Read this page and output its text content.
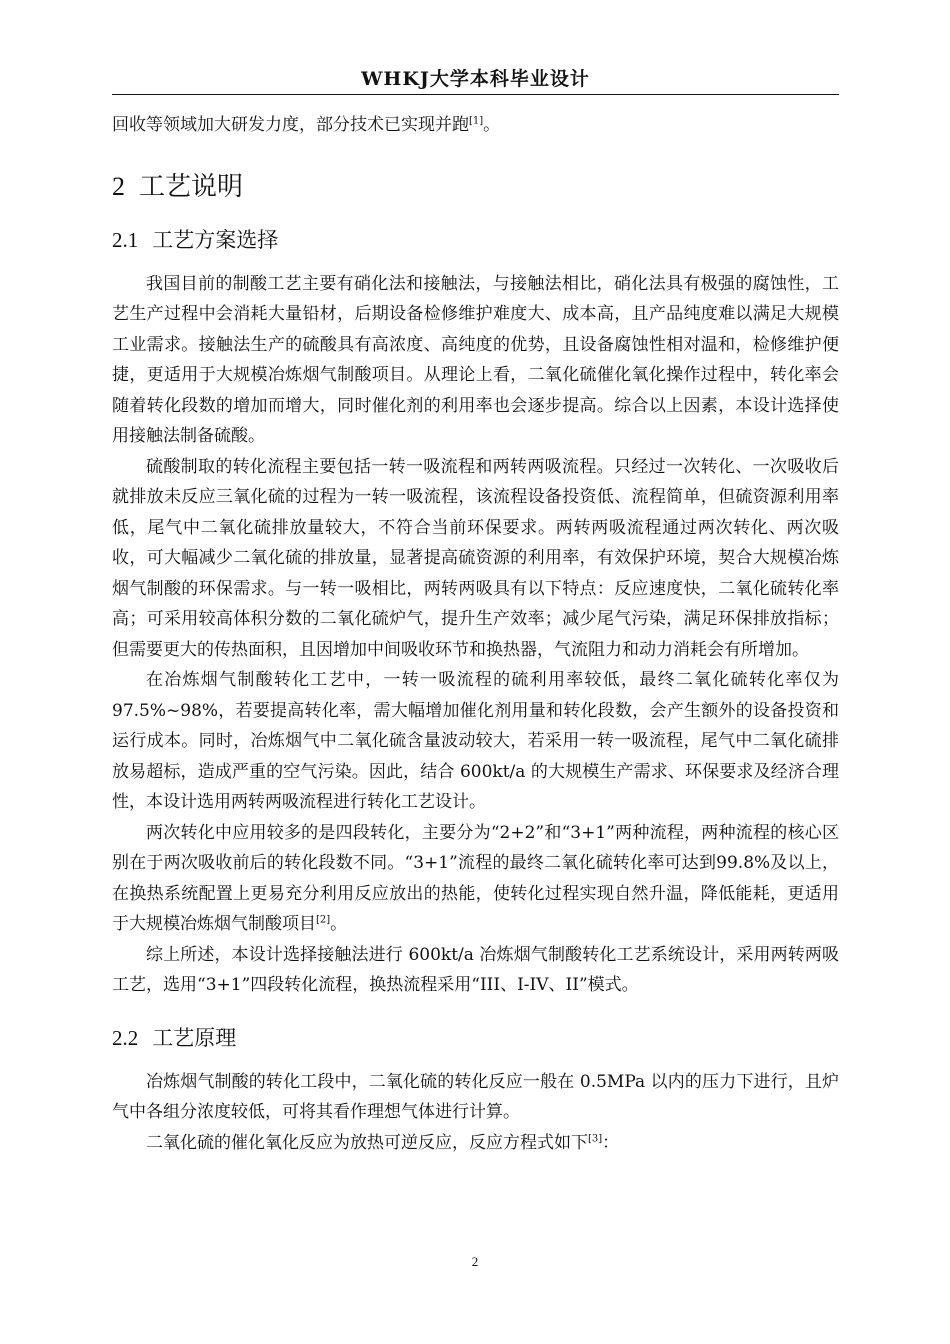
WHKJ大学本科毕业设计

回收等领域加大研发力度，部分技术已实现并跑[1]。

2 工艺说明
2.1 工艺方案选择

我国目前的制酸工艺主要有硝化法和接触法，与接触法相比，硝化法具有极强的腐蚀性，工艺生产过程中会消耗大量铅材，后期设备检修维护难度大、成本高，且产品纯度难以满足大规模工业需求。接触法生产的硫酸具有高浓度、高纯度的优势，且设备腐蚀性相对温和，检修维护便捷，更适用于大规模冶炼烟气制酸项目。从理论上看，二氧化硫催化氧化操作过程中，转化率会随着转化段数的增加而增大，同时催化剂的利用率也会逐步提高。综合以上因素，本设计选择使用接触法制备硫酸。

硫酸制取的转化流程主要包括一转一吸流程和两转两吸流程。只经过一次转化、一次吸收后就排放未反应三氧化硫的过程为一转一吸流程，该流程设备投资低、流程简单，但硫资源利用率低，尾气中二氧化硫排放量较大，不符合当前环保要求。两转两吸流程通过两次转化、两次吸收，可大幅减少二氧化硫的排放量，显著提高硫资源的利用率，有效保护环境，契合大规模冶炼烟气制酸的环保需求。与一转一吸相比，两转两吸具有以下特点：反应速度快，二氧化硫转化率高；可采用较高体积分数的二氧化硫炉气，提升生产效率；减少尾气污染，满足环保排放指标；但需要更大的传热面积，且因增加中间吸收环节和换热器，气流阻力和动力消耗会有所增加。

在冶炼烟气制酸转化工艺中，一转一吸流程的硫利用率较低，最终二氧化硫转化率仅为97.5%~98%，若要提高转化率，需大幅增加催化剂用量和转化段数，会产生额外的设备投资和运行成本。同时，冶炼烟气中二氧化硫含量波动较大，若采用一转一吸流程，尾气中二氧化硫排放易超标，造成严重的空气污染。因此，结合 600kt/a 的大规模生产需求、环保要求及经济合理性，本设计选用两转两吸流程进行转化工艺设计。

两次转化中应用较多的是四段转化，主要分为“2+2”和“3+1”两种流程，两种流程的核心区别在于两次吸收前后的转化段数不同。“3+1”流程的最终二氧化硫转化率可达到99.8%及以上，在换热系统配置上更易充分利用反应放出的热能，使转化过程实现自然升温，降低能耗，更适用于大规模冶炼烟气制酸项目[2]。

综上所述，本设计选择接触法进行 600kt/a 冶炼烟气制酸转化工艺系统设计，采用两转两吸工艺，选用“3+1”四段转化流程，换热流程采用“III、I-IV、II”模式。

2.2 工艺原理

冶炼烟气制酸的转化工段中，二氧化硫的转化反应一般在 0.5MPa 以内的压力下进行，且炉气中各组分浓度较低，可将其看作理想气体进行计算。

二氧化硫的催化氧化反应为放热可逆反应，反应方程式如下[3]：

2
